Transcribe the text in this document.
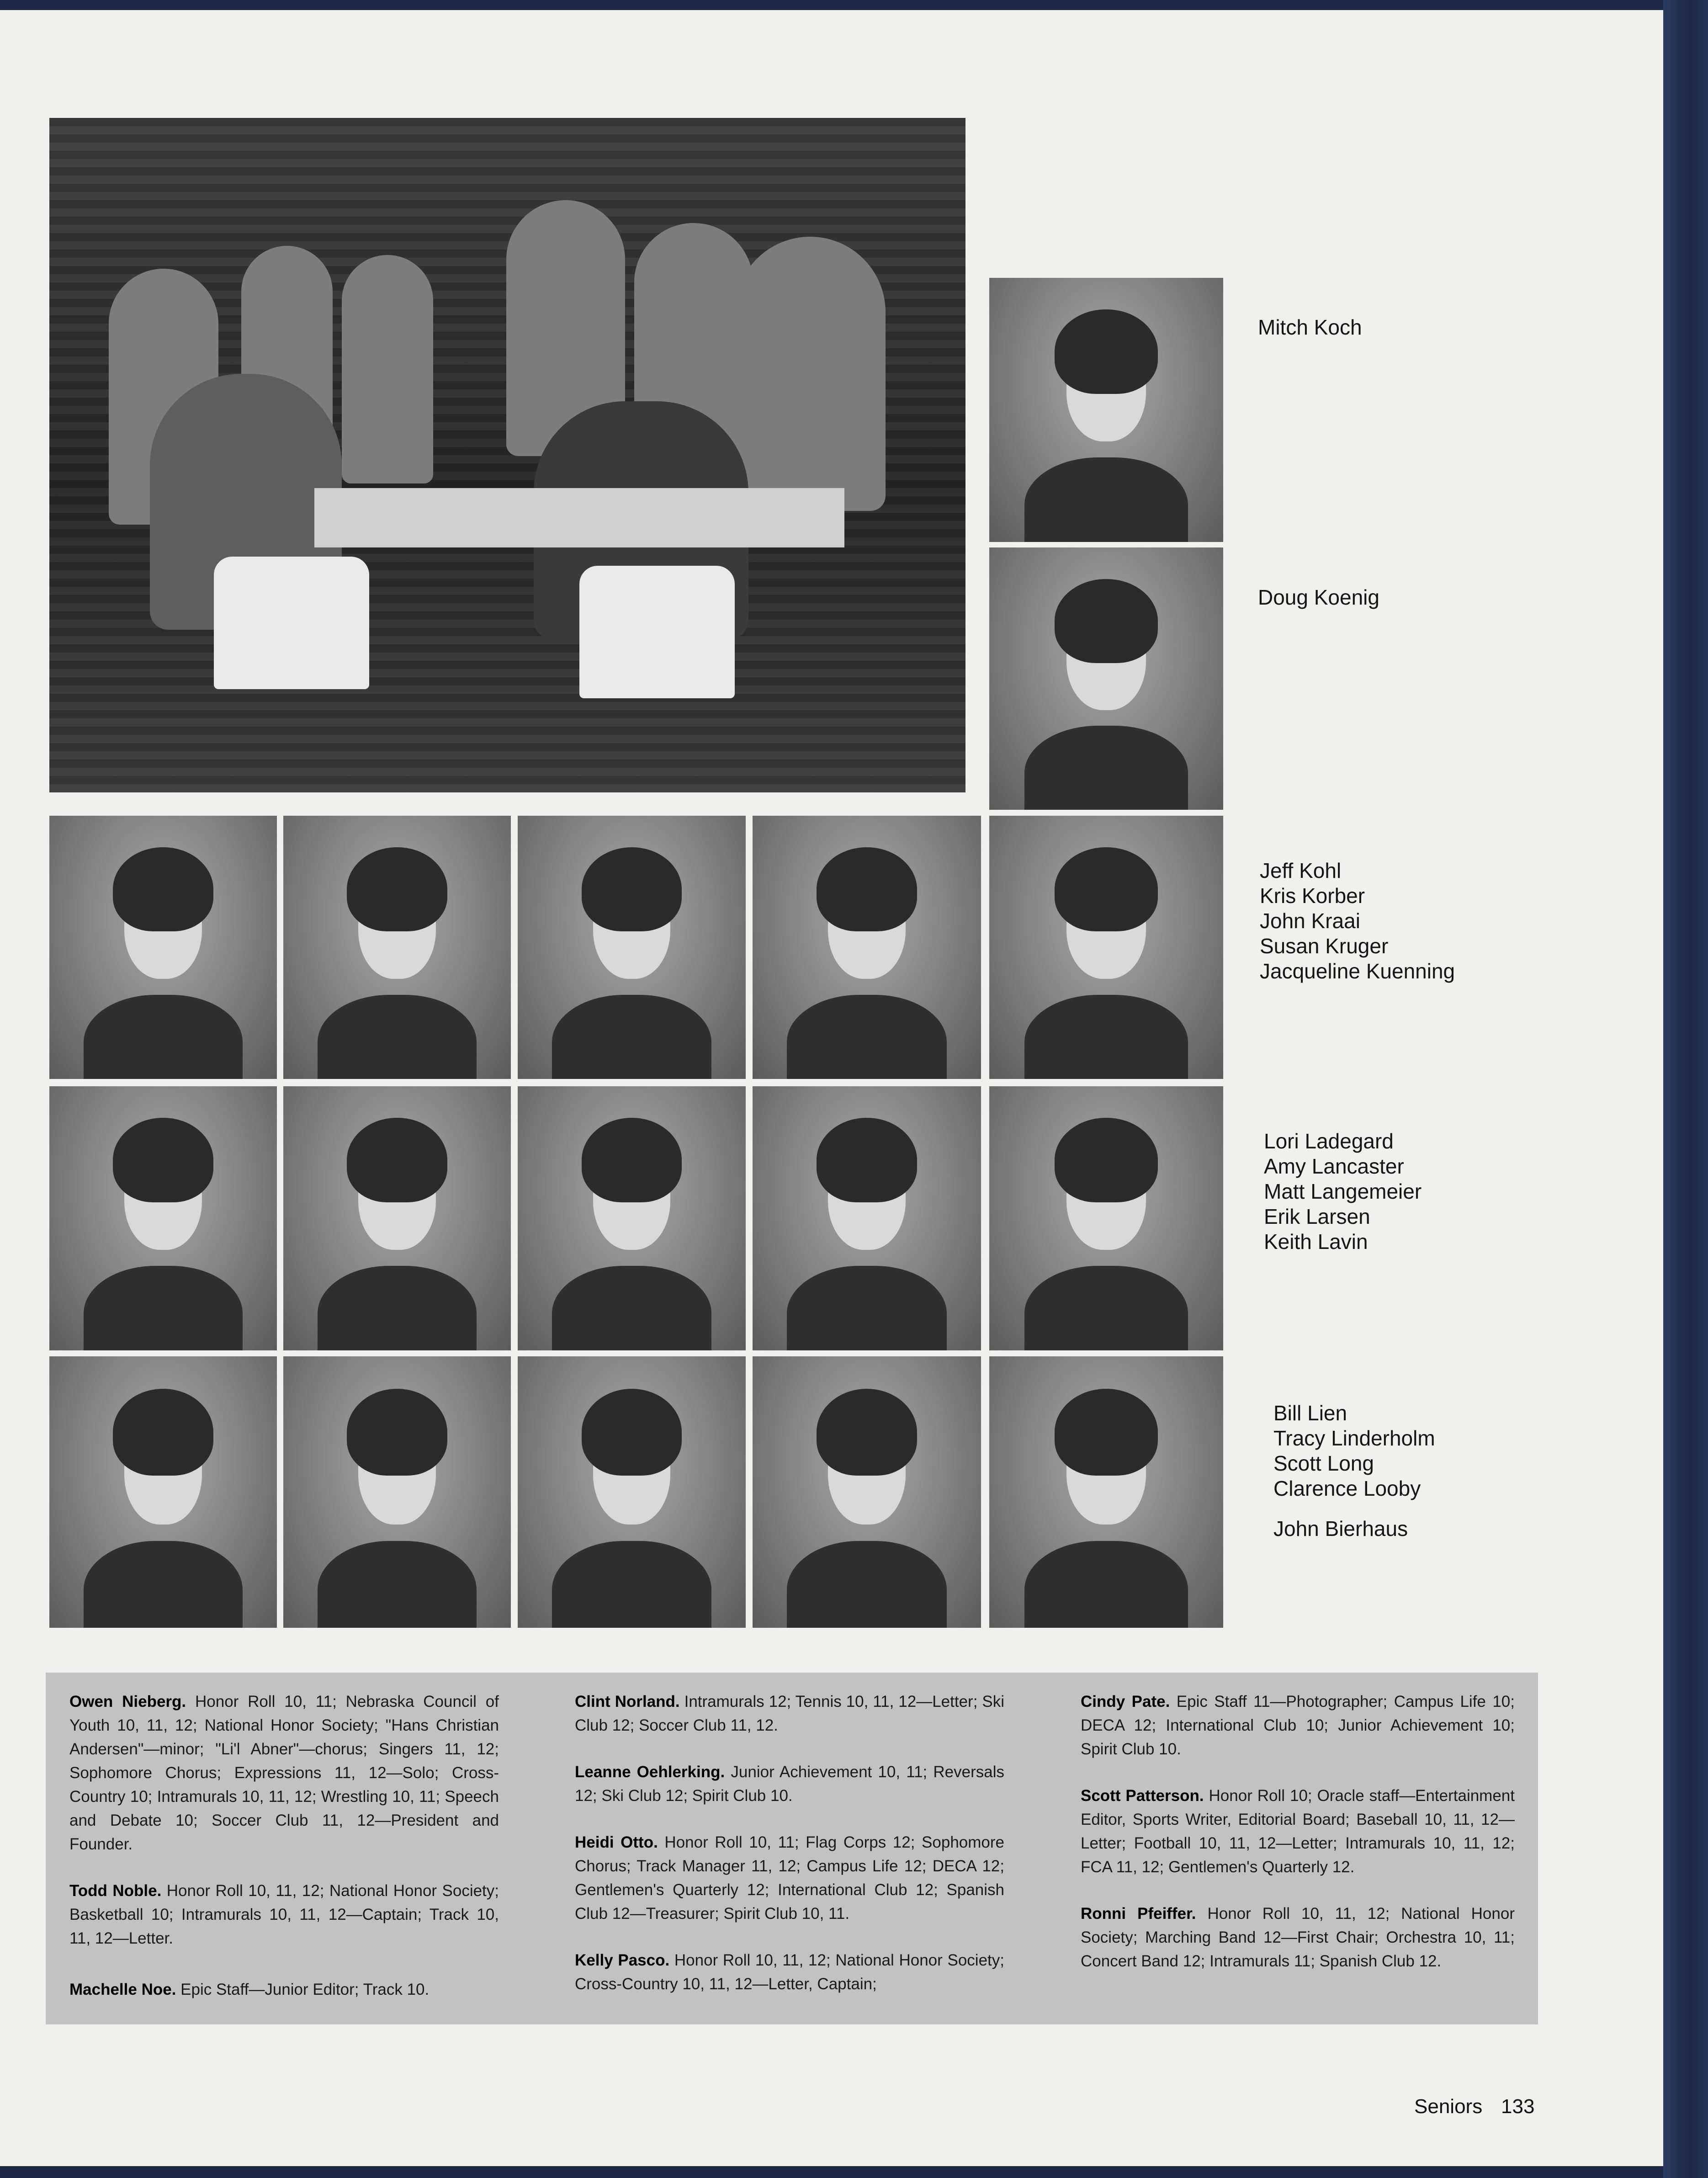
Mitch Koch
Doug Koenig
Jeff Kohl
Kris Korber
John Kraai
Susan Kruger
Jacqueline Kuenning
Lori Ladegard
Amy Lancaster
Matt Langemeier
Erik Larsen
Keith Lavin
Bill Lien
Tracy Linderholm
Scott Long
Clarence Looby
John Bierhaus

Owen Nieberg. Honor Roll 10, 11; Nebraska Council of Youth 10, 11, 12; National Honor Society; "Hans Christian Andersen"—minor; "Li'l Abner"—chorus; Singers 11, 12; Sophomore Chorus; Expressions 11, 12—Solo; Cross-Country 10; Intramurals 10, 11, 12; Wrestling 10, 11; Speech and Debate 10; Soccer Club 11, 12—President and Founder.

Todd Noble. Honor Roll 10, 11, 12; National Honor Society; Basketball 10; Intramurals 10, 11, 12—Captain; Track 10, 11, 12—Letter.

Machelle Noe. Epic Staff—Junior Editor; Track 10.

Clint Norland. Intramurals 12; Tennis 10, 11, 12—Letter; Ski Club 12; Soccer Club 11, 12.

Leanne Oehlerking. Junior Achievement 10, 11; Reversals 12; Ski Club 12; Spirit Club 10.

Heidi Otto. Honor Roll 10, 11; Flag Corps 12; Sophomore Chorus; Track Manager 11, 12; Campus Life 12; DECA 12; Gentlemen's Quarterly 12; International Club 12; Spanish Club 12—Treasurer; Spirit Club 10, 11.

Kelly Pasco. Honor Roll 10, 11, 12; National Honor Society; Cross-Country 10, 11, 12—Letter, Captain;

Cindy Pate. Epic Staff 11—Photographer; Campus Life 10; DECA 12; International Club 10; Junior Achievement 10; Spirit Club 10.

Scott Patterson. Honor Roll 10; Oracle staff—Entertainment Editor, Sports Writer, Editorial Board; Baseball 10, 11, 12—Letter; Football 10, 11, 12—Letter; Intramurals 10, 11, 12; FCA 11, 12; Gentlemen's Quarterly 12.

Ronni Pfeiffer. Honor Roll 10, 11, 12; National Honor Society; Marching Band 12—First Chair; Orchestra 10, 11; Concert Band 12; Intramurals 11; Spanish Club 12.

Seniors 133
